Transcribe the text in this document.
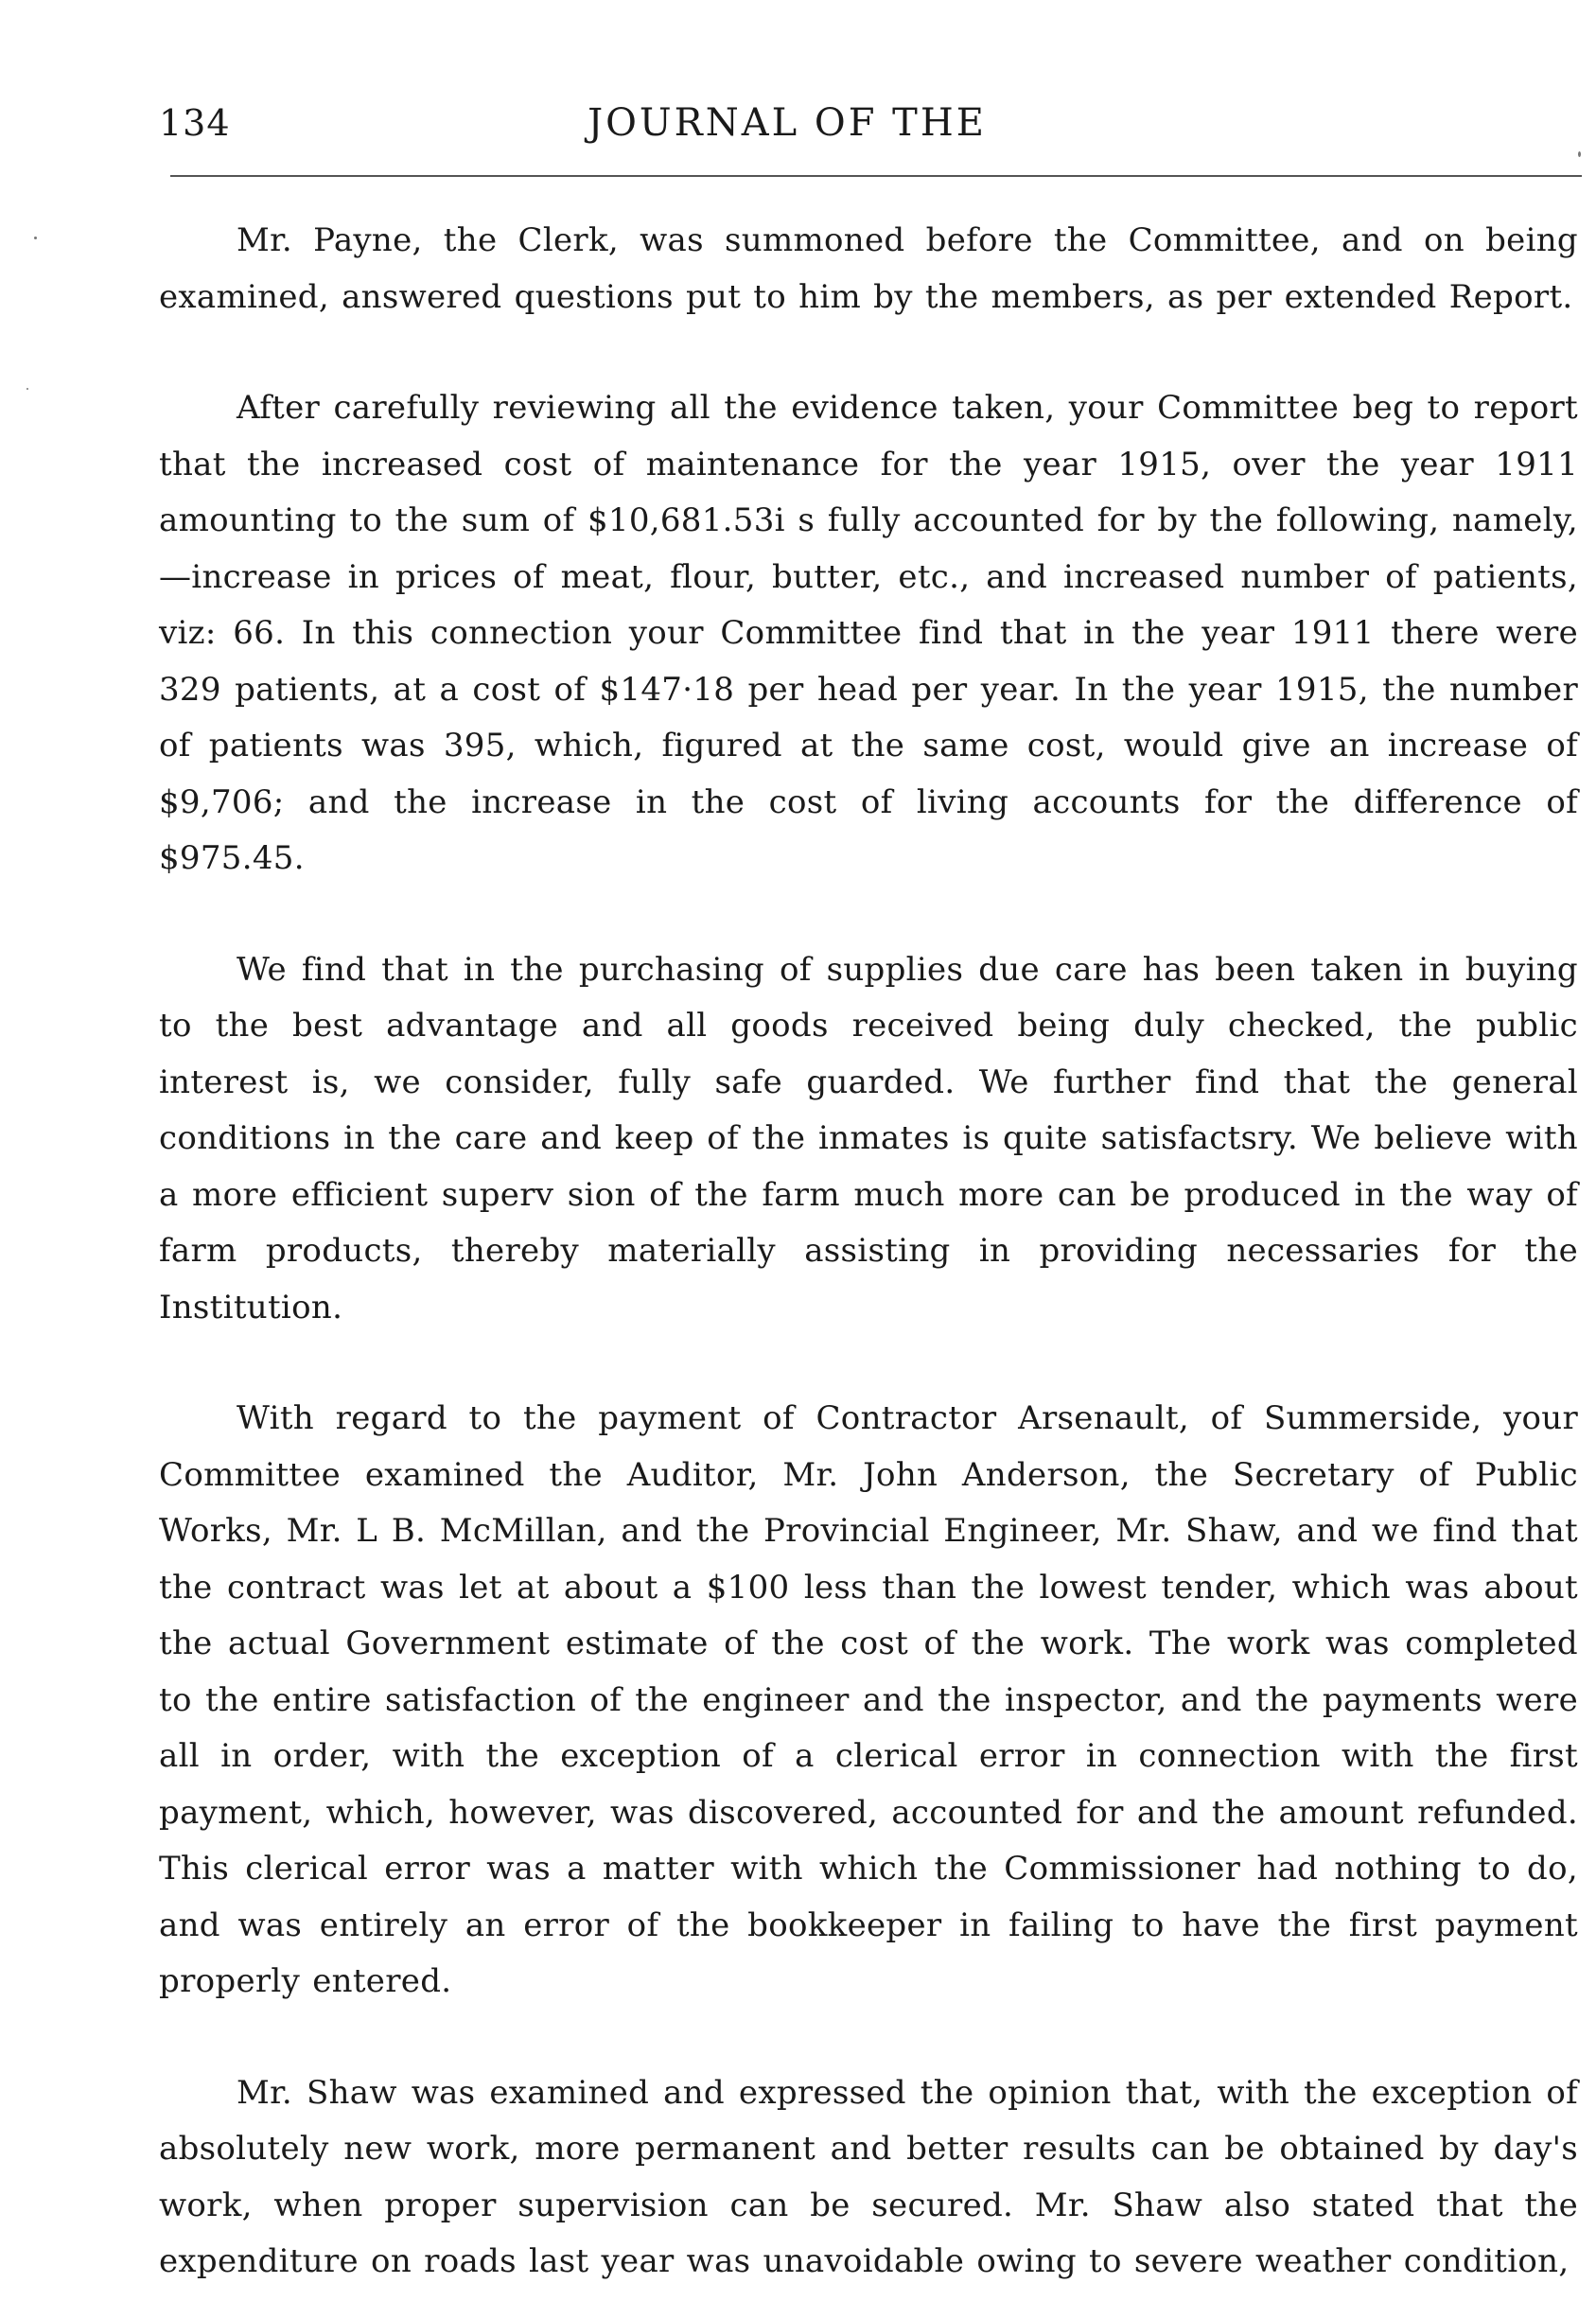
134	JOURNAL OF THE

Mr. Payne, the Clerk, was summoned before the Committee, and on being examined, answered questions put to him by the members, as per extended Report.

After carefully reviewing all the evidence taken, your Committee beg to report that the increased cost of maintenance for the year 1915, over the year 1911 amounting to the sum of $10,681.53i s fully accounted for by the following, namely,—increase in prices of meat, flour, butter, etc., and increased number of patients, viz: 66. In this connection your Committee find that in the year 1911 there were 329 patients, at a cost of $147·18 per head per year. In the year 1915, the number of patients was 395, which, figured at the same cost, would give an increase of $9,706; and the increase in the cost of living accounts for the difference of $975.45.

We find that in the purchasing of supplies due care has been taken in buying to the best advantage and all goods received being duly checked, the public interest is, we consider, fully safe guarded. We further find that the general conditions in the care and keep of the inmates is quite satisfactsry. We believe with a more efficient superv sion of the farm much more can be produced in the way of farm products, thereby materially assisting in providing necessaries for the Institution.

With regard to the payment of Contractor Arsenault, of Summerside, your Committee examined the Auditor, Mr. John Anderson, the Secretary of Public Works, Mr. L B. McMillan, and the Provincial Engineer, Mr. Shaw, and we find that the contract was let at about a $100 less than the lowest tender, which was about the actual Government estimate of the cost of the work. The work was completed to the entire satisfaction of the engineer and the inspector, and the payments were all in order, with the exception of a clerical error in connection with the first payment, which, however, was discovered, accounted for and the amount refunded. This clerical error was a matter with which the Commissioner had nothing to do, and was entirely an error of the bookkeeper in failing to have the first payment properly entered.

Mr. Shaw was examined and expressed the opinion that, with the exception of absolutely new work, more permanent and better results can be obtained by day's work, when proper supervision can be secured. Mr. Shaw also stated that the expenditure on roads last year was unavoidable owing to severe weather condition,
